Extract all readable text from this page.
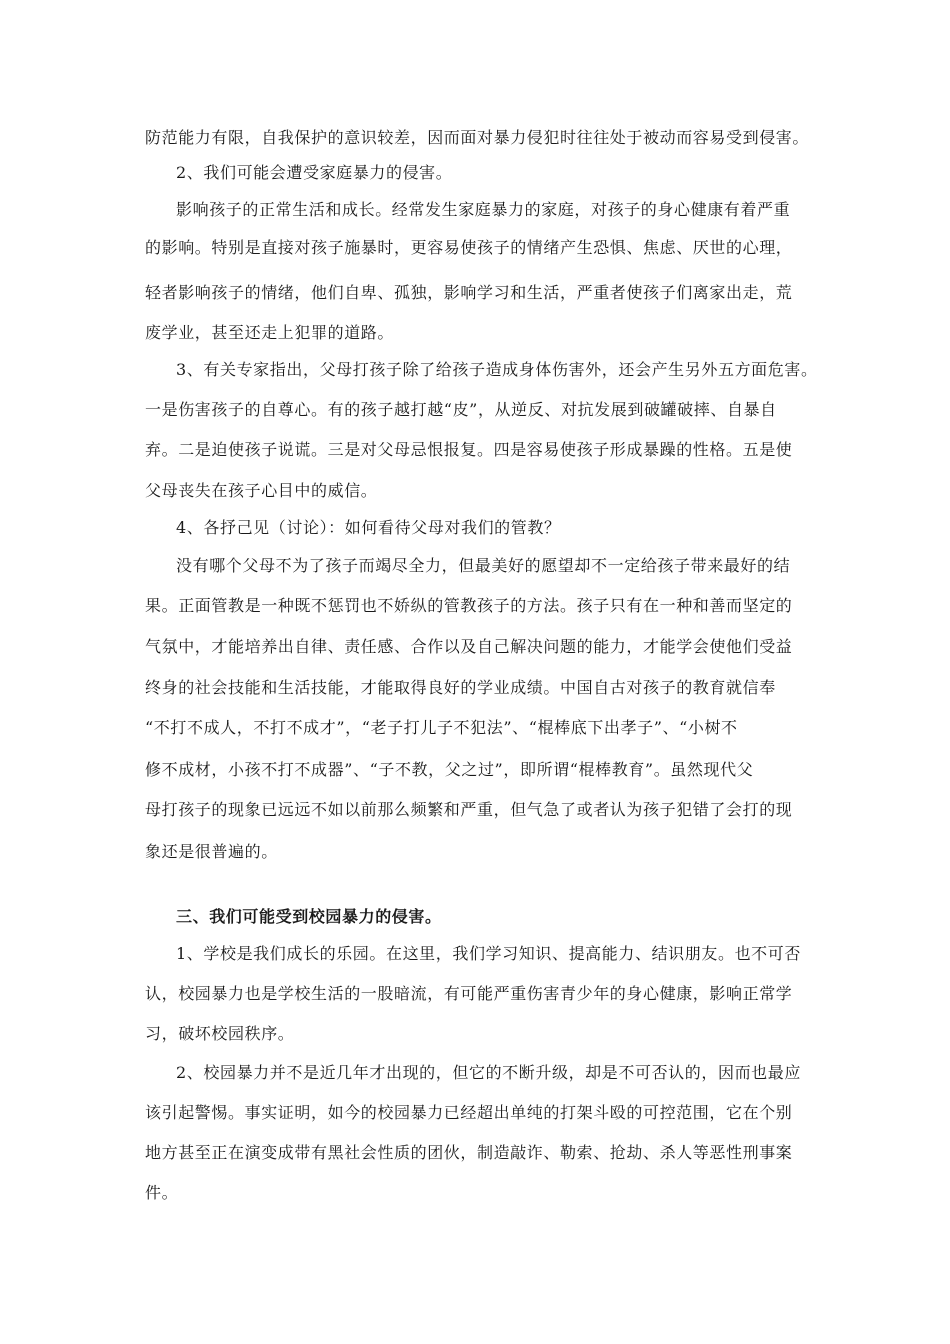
防范能力有限，自我保护的意识较差，因而面对暴力侵犯时往往处于被动而容易受到侵害。
2、我们可能会遭受家庭暴力的侵害。
影响孩子的正常生活和成长。经常发生家庭暴力的家庭，对孩子的身心健康有着严重
的影响。特别是直接对孩子施暴时，更容易使孩子的情绪产生恐惧、焦虑、厌世的心理，
轻者影响孩子的情绪，他们自卑、孤独，影响学习和生活，严重者使孩子们离家出走，荒
废学业，甚至还走上犯罪的道路。
3、有关专家指出，父母打孩子除了给孩子造成身体伤害外，还会产生另外五方面危害。
一是伤害孩子的自尊心。有的孩子越打越“皮”，从逆反、对抗发展到破罐破摔、自暴自
弃。二是迫使孩子说谎。三是对父母忌恨报复。四是容易使孩子形成暴躁的性格。五是使
父母丧失在孩子心目中的威信。
4、各抒己见（讨论）：如何看待父母对我们的管教？
没有哪个父母不为了孩子而竭尽全力，但最美好的愿望却不一定给孩子带来最好的结
果。正面管教是一种既不惩罚也不娇纵的管教孩子的方法。孩子只有在一种和善而坚定的
气氛中，才能培养出自律、责任感、合作以及自己解决问题的能力，才能学会使他们受益
终身的社会技能和生活技能，才能取得良好的学业成绩。中国自古对孩子的教育就信奉
“不打不成人，不打不成才”，“老子打儿子不犯法”、“棍棒底下出孝子”、“小树不
修不成材，小孩不打不成器”、“子不教，父之过”，即所谓“棍棒教育”。虽然现代父
母打孩子的现象已远远不如以前那么频繁和严重，但气急了或者认为孩子犯错了会打的现
象还是很普遍的。
三、我们可能受到校园暴力的侵害。
1、学校是我们成长的乐园。在这里，我们学习知识、提高能力、结识朋友。也不可否
认，校园暴力也是学校生活的一股暗流，有可能严重伤害青少年的身心健康，影响正常学
习，破坏校园秩序。
2、校园暴力并不是近几年才出现的，但它的不断升级，却是不可否认的，因而也最应
该引起警惕。事实证明，如今的校园暴力已经超出单纯的打架斗殴的可控范围，它在个别
地方甚至正在演变成带有黑社会性质的团伙，制造敲诈、勒索、抢劫、杀人等恶性刑事案
件。
